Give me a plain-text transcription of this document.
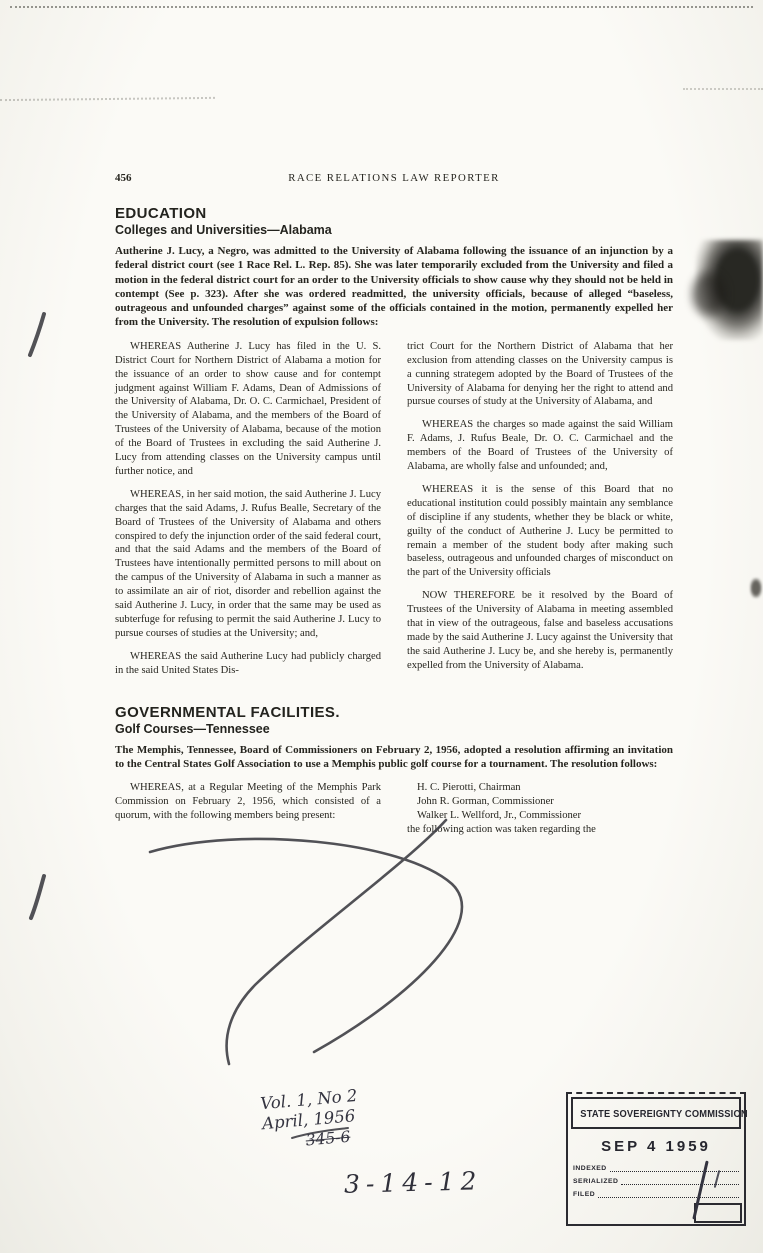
456	RACE RELATIONS LAW REPORTER
EDUCATION
Colleges and Universities—Alabama

Autherine J. Lucy, a Negro, was admitted to the University of Alabama following the issuance of an injunction by a federal district court (see 1 Race Rel. L. Rep. 85). She was later temporarily excluded from the University and filed a motion in the federal district court for an order to the University officials to show cause why they should not be held in contempt (See p. 323). After she was ordered readmitted, the university officials, because of alleged “baseless, outrageous and unfounded charges” against some of the officials contained in the motion, permanently expelled her from the University. The resolution of expulsion follows:

WHEREAS Autherine J. Lucy has filed in the U. S. District Court for Northern District of Alabama a motion for the issuance of an order to show cause and for contempt judgment against William F. Adams, Dean of Admissions of the University of Alabama, Dr. O. C. Carmichael, President of the University of Alabama, and the members of the Board of Trustees of the University of Alabama, because of the motion of the Board of Trustees in excluding the said Autherine J. Lucy from attending classes on the University campus until further notice, and

WHEREAS, in her said motion, the said Autherine J. Lucy charges that the said Adams, J. Rufus Bealle, Secretary of the Board of Trustees of the University of Alabama and others conspired to defy the injunction order of the said federal court, and that the said Adams and the members of the Board of Trustees have intentionally permitted persons to mill about on the campus of the University of Alabama in such a manner as to assimilate an air of riot, disorder and rebellion against the said Autherine J. Lucy, in order that the same may be used as subterfuge for refusing to permit the said Autherine J. Lucy to pursue courses of studies at the University; and,

WHEREAS the said Autherine Lucy had publicly charged in the said United States Dis-

trict Court for the Northern District of Alabama that her exclusion from attending classes on the University campus is a cunning strategem adopted by the Board of Trustees of the University of Alabama for denying her the right to attend and pursue courses of study at the University of Alabama, and

WHEREAS the charges so made against the said William F. Adams, J. Rufus Beale, Dr. O. C. Carmichael and the members of the Board of Trustees of the University of Alabama, are wholly false and unfounded; and,

WHEREAS it is the sense of this Board that no educational institution could possibly maintain any semblance of discipline if any students, whether they be black or white, guilty of the conduct of Autherine J. Lucy be permitted to remain a member of the student body after making such baseless, outrageous and unfounded charges of misconduct on the part of the University officials

NOW THEREFORE be it resolved by the Board of Trustees of the University of Alabama in meeting assembled that in view of the outrageous, false and baseless accusations made by the said Autherine J. Lucy against the University that the said Autherine J. Lucy be, and she hereby is, permanently expelled from the University of Alabama.

GOVERNMENTAL FACILITIES.
Golf Courses—Tennessee

The Memphis, Tennessee, Board of Commissioners on February 2, 1956, adopted a resolution affirming an invitation to the Central States Golf Association to use a Memphis public golf course for a tournament. The resolution follows:

WHEREAS, at a Regular Meeting of the Memphis Park Commission on February 2, 1956, which consisted of a quorum, with the following members being present:

H. C. Pierotti, Chairman
John R. Gorman, Commissioner
Walker L. Wellford, Jr., Commissioner

the following action was taken regarding the

Vol. 1, No 2
April, 1956
345-6
3-14-12
STATE SOVEREIGNTY COMMISSION
SEP 4 1959
INDEXED
SERIALIZED
FILED
